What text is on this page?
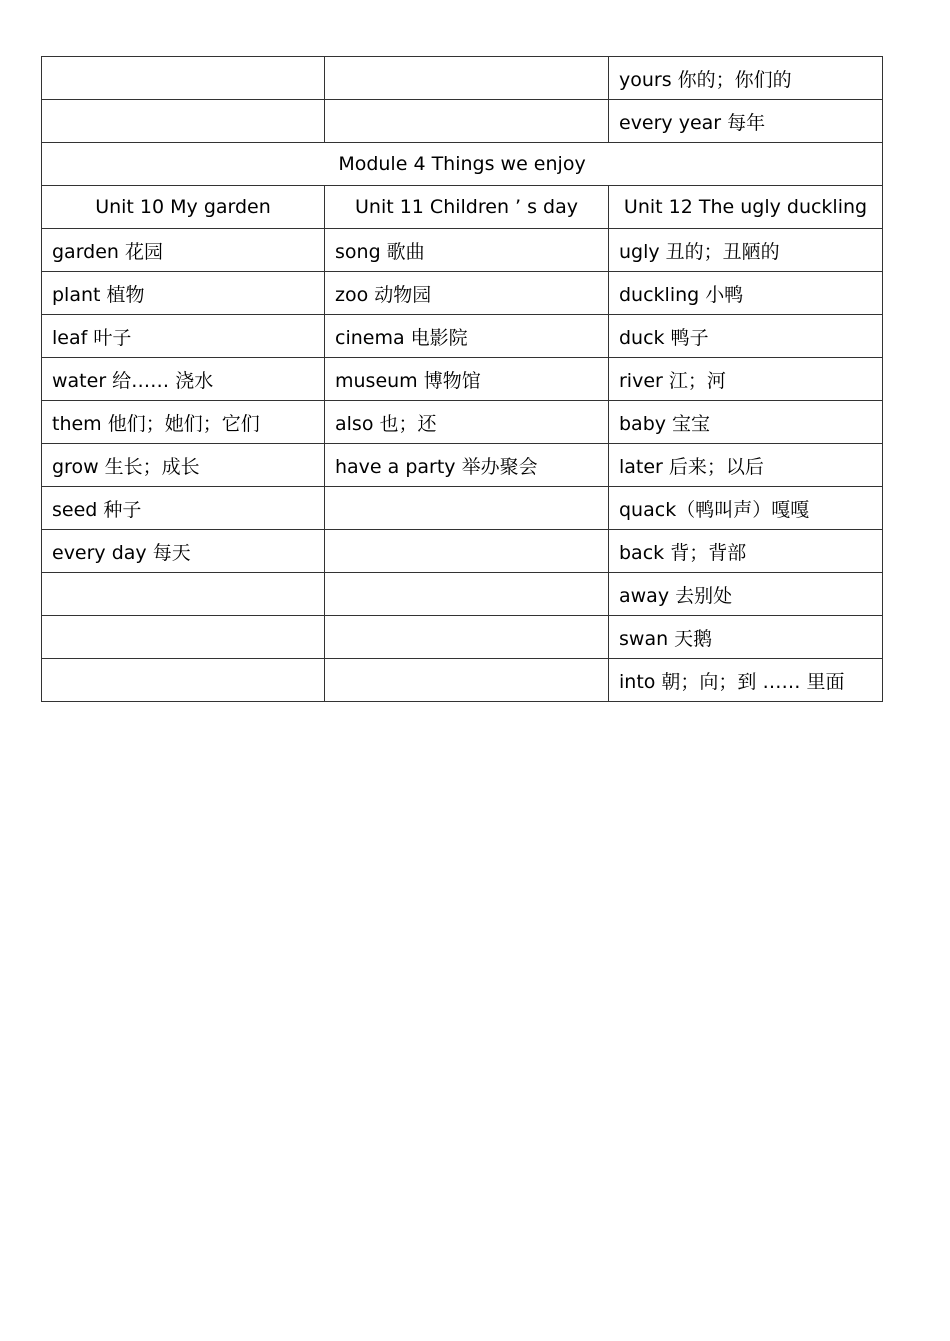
		yours 你的；你们的
		every year 每年
Module 4 Things we enjoy		
Unit 10 My garden	Unit 11 Children ’ s day	Unit 12 The ugly duckling
garden 花园	song 歌曲	ugly 丑的；丑陋的
plant 植物	zoo 动物园	duckling 小鸭
leaf 叶子	cinema 电影院	duck 鸭子
water 给…… 浇水	museum 博物馆	river 江；河
them 他们；她们；它们	also 也；还	baby 宝宝
grow 生长；成长	have a party 举办聚会	later 后来；以后
seed 种子		quack（鸭叫声）嘎嘎
every day 每天		back 背；背部
		away 去别处
		swan 天鹅
		into 朝；向；到 …… 里面
